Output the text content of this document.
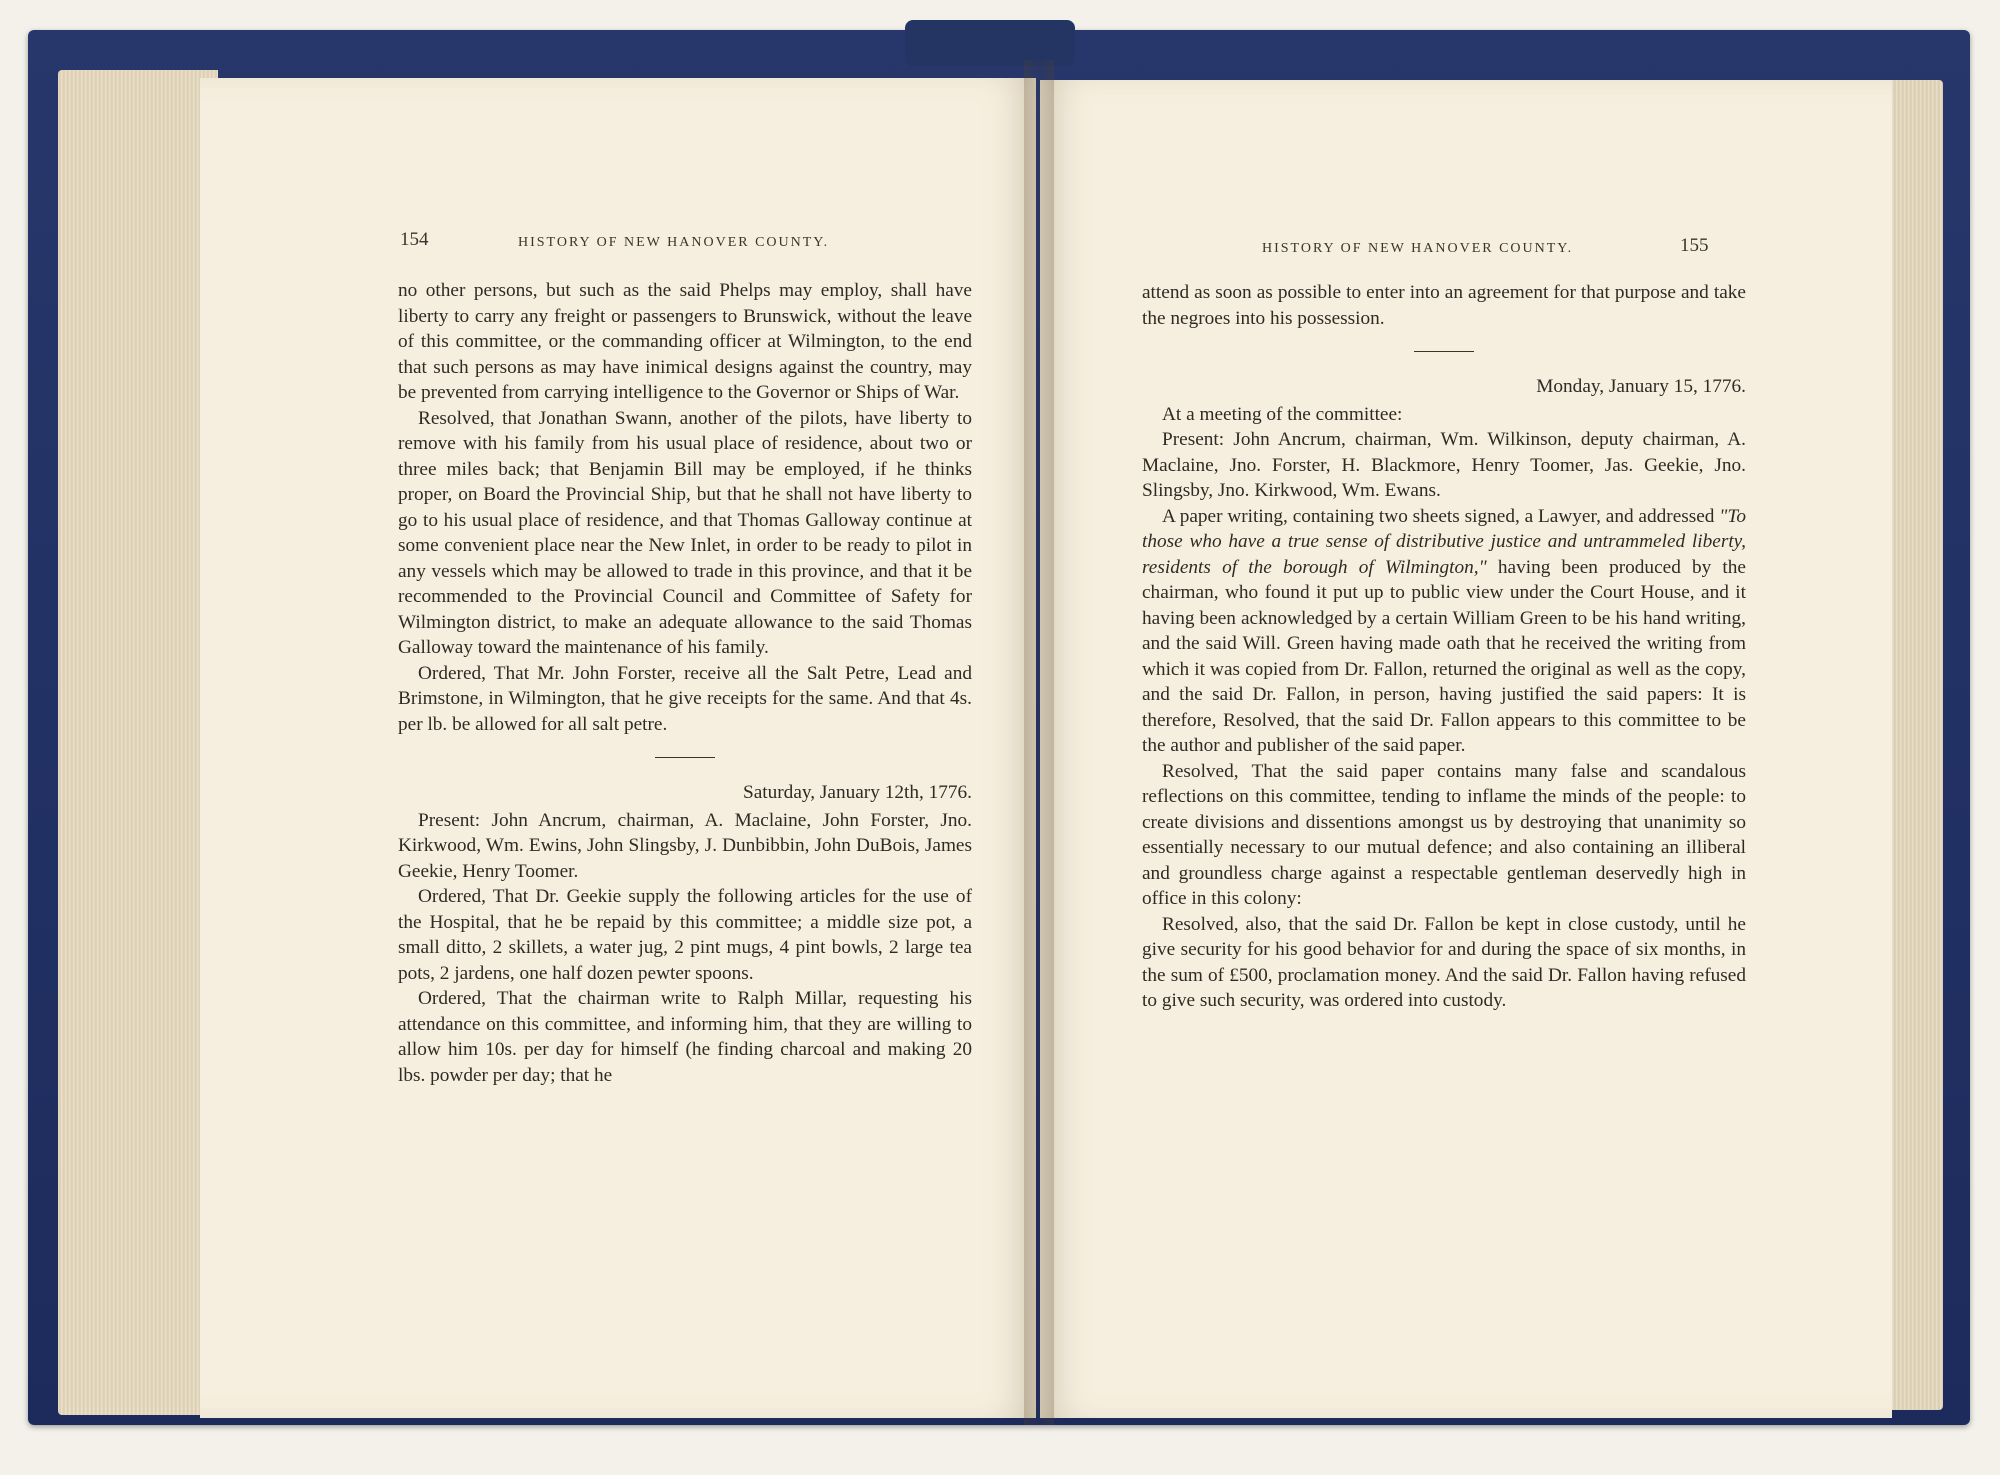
154	HISTORY OF NEW HANOVER COUNTY.

no other persons, but such as the said Phelps may employ, shall have liberty to carry any freight or passengers to Brunswick, without the leave of this committee, or the commanding officer at Wilmington, to the end that such persons as may have inimical designs against the country, may be prevented from carrying intelligence to the Governor or Ships of War.

Resolved, that Jonathan Swann, another of the pilots, have liberty to remove with his family from his usual place of residence, about two or three miles back; that Benjamin Bill may be employed, if he thinks proper, on Board the Provincial Ship, but that he shall not have liberty to go to his usual place of residence, and that Thomas Galloway continue at some convenient place near the New Inlet, in order to be ready to pilot in any vessels which may be allowed to trade in this province, and that it be recommended to the Provincial Council and Committee of Safety for Wilmington district, to make an adequate allowance to the said Thomas Galloway toward the maintenance of his family.

Ordered, That Mr. John Forster, receive all the Salt Petre, Lead and Brimstone, in Wilmington, that he give receipts for the same. And that 4s. per lb. be allowed for all salt petre.

Saturday, January 12th, 1776.

Present: John Ancrum, chairman, A. Maclaine, John Forster, Jno. Kirkwood, Wm. Ewins, John Slingsby, J. Dunbibbin, John DuBois, James Geekie, Henry Toomer.

Ordered, That Dr. Geekie supply the following articles for the use of the Hospital, that he be repaid by this committee; a middle size pot, a small ditto, 2 skillets, a water jug, 2 pint mugs, 4 pint bowls, 2 large tea pots, 2 jardens, one half dozen pewter spoons.

Ordered, That the chairman write to Ralph Millar, requesting his attendance on this committee, and informing him, that they are willing to allow him 10s. per day for himself (he finding charcoal and making 20 lbs. powder per day; that he

HISTORY OF NEW HANOVER COUNTY.	155

attend as soon as possible to enter into an agreement for that purpose and take the negroes into his possession.

Monday, January 15, 1776.

At a meeting of the committee:

Present: John Ancrum, chairman, Wm. Wilkinson, deputy chairman, A. Maclaine, Jno. Forster, H. Blackmore, Henry Toomer, Jas. Geekie, Jno. Slingsby, Jno. Kirkwood, Wm. Ewans.

A paper writing, containing two sheets signed, a Lawyer, and addressed "To those who have a true sense of distributive justice and untrammeled liberty, residents of the borough of Wilmington," having been produced by the chairman, who found it put up to public view under the Court House, and it having been acknowledged by a certain William Green to be his hand writing, and the said Will. Green having made oath that he received the writing from which it was copied from Dr. Fallon, returned the original as well as the copy, and the said Dr. Fallon, in person, having justified the said papers: It is therefore, Resolved, that the said Dr. Fallon appears to this committee to be the author and publisher of the said paper.

Resolved, That the said paper contains many false and scandalous reflections on this committee, tending to inflame the minds of the people: to create divisions and dissentions amongst us by destroying that unanimity so essentially necessary to our mutual defence; and also containing an illiberal and groundless charge against a respectable gentleman deservedly high in office in this colony:

Resolved, also, that the said Dr. Fallon be kept in close custody, until he give security for his good behavior for and during the space of six months, in the sum of £500, proclamation money. And the said Dr. Fallon having refused to give such security, was ordered into custody.
